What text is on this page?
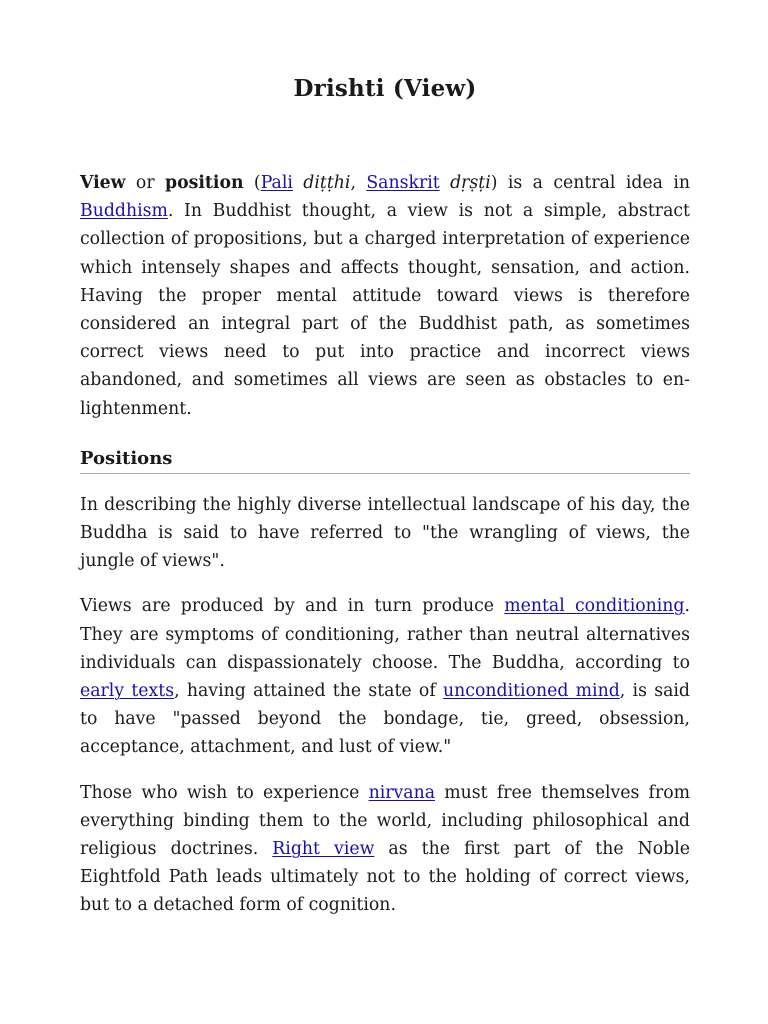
Drishti (View)

View or position (Pali diṭṭhi, Sanskrit dṛṣṭi) is a central idea in Buddhism. In Buddhist thought, a view is not a simple, abstract collection of propositions, but a charged interpretation of experience which intensely shapes and affects thought, sensation, and action. Having the proper mental attitude toward views is therefore considered an integral part of the Buddhist path, as sometimes correct views need to put into practice and incorrect views abandoned, and sometimes all views are seen as obstacles to enlightenment.

Positions

In describing the highly diverse intellectual landscape of his day, the Buddha is said to have referred to "the wrangling of views, the jungle of views".

Views are produced by and in turn produce mental conditioning. They are symptoms of conditioning, rather than neutral alternatives individuals can dispassionately choose. The Buddha, according to early texts, having attained the state of unconditioned mind, is said to have "passed beyond the bondage, tie, greed, obsession, acceptance, attachment, and lust of view."

Those who wish to experience nirvana must free themselves from everything binding them to the world, including philosophical and religious doctrines. Right view as the first part of the Noble Eightfold Path leads ultimately not to the holding of correct views, but to a detached form of cognition.
